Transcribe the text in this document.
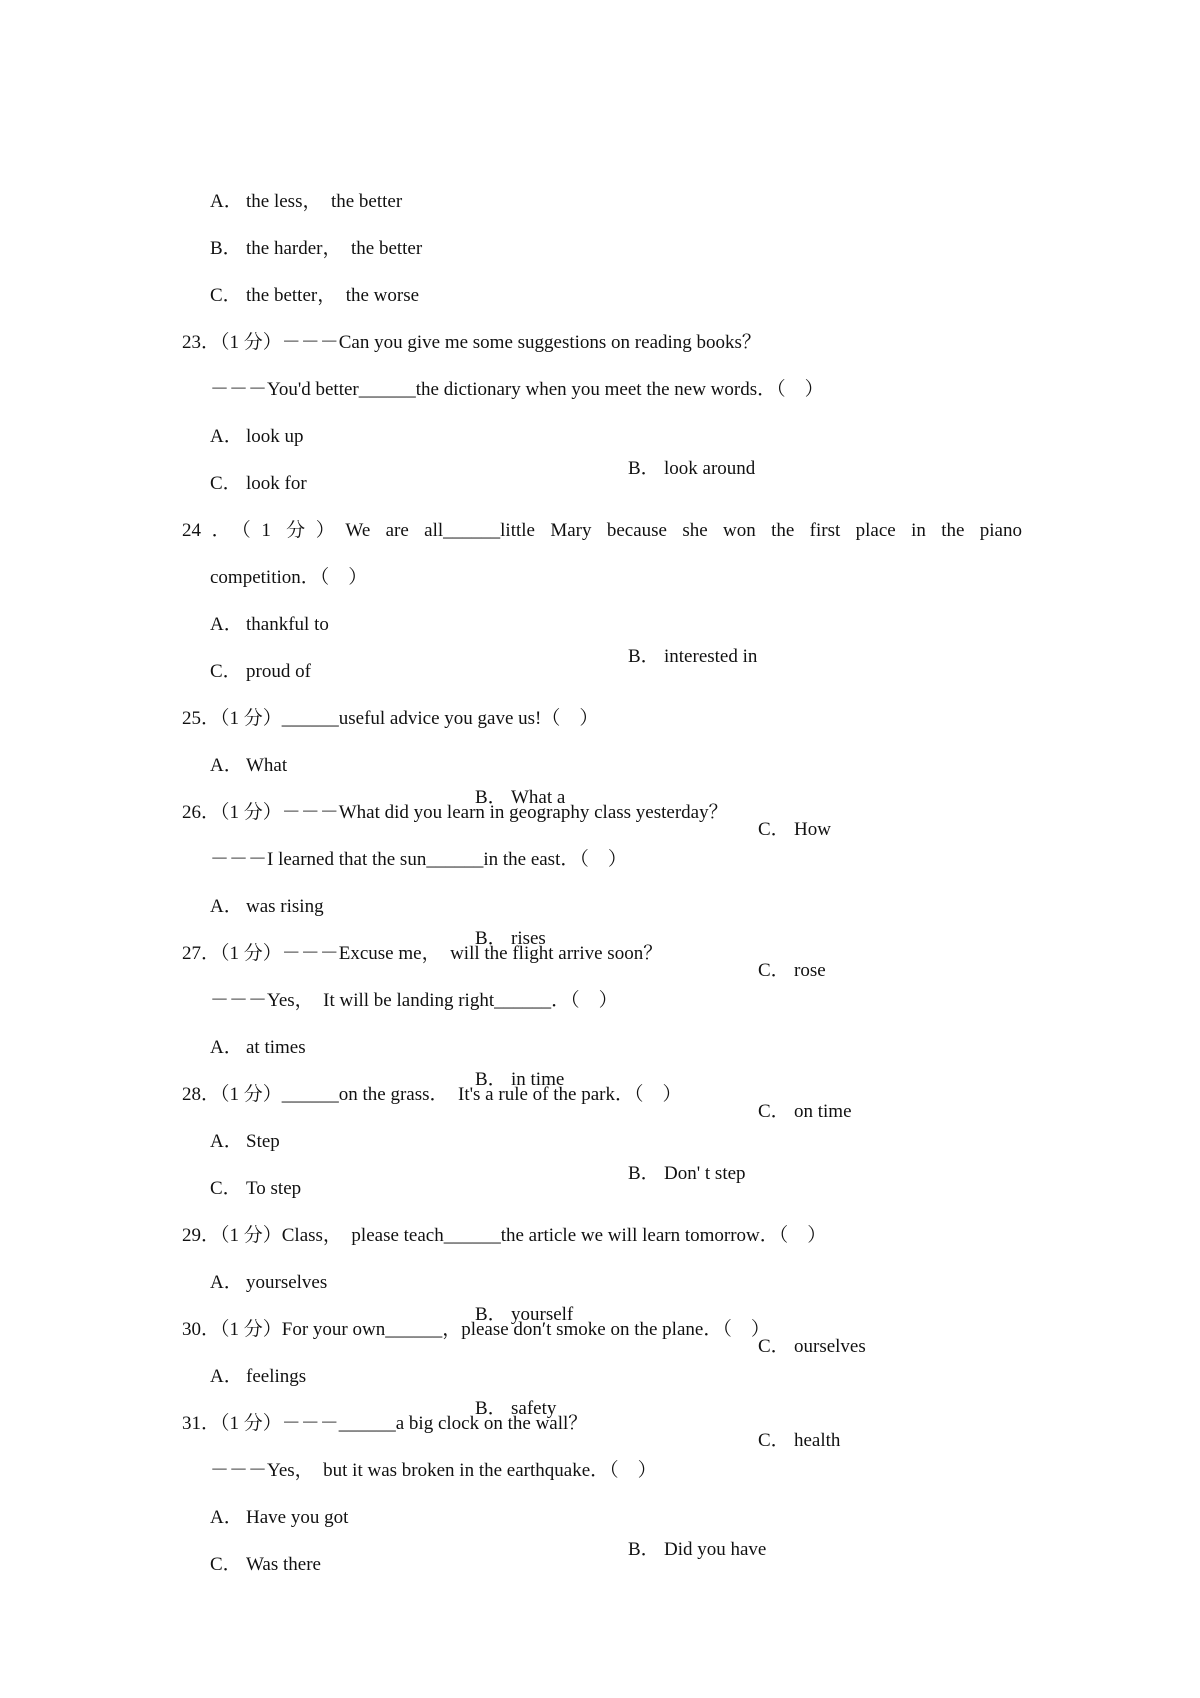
A． the less，  the better

B． the harder，  the better

C． the better，  the worse

23．（1 分）－－－Can you give me some suggestions on reading books？

－－－You'd better______the dictionary when you meet the new words．（    ）

A． look up

B． look around

C． look for

24．（1 分）We are all______little Mary because she won the first place in the piano

competition．（    ）

A． thankful to

B． interested in

C． proud of

25．（1 分）______useful advice you gave us!（    ）

A． What

B． What a

C． How

26．（1 分）－－－What did you learn in geography class yesterday？

－－－I learned that the sun______in the east．（    ）

A． was rising

B． rises

C． rose

27．（1 分）－－－Excuse me，  will the flight arrive soon？

－－－Yes，  It will be landing right______．（    ）

A． at times

B． in time

C． on time

28．（1 分）______on the grass．  It's a rule of the park．（    ）

A． Step

B． Don' t step

C． To step

29．（1 分）Class，  please teach______the article we will learn tomorrow．（    ）

A． yourselves

B． yourself

C． ourselves

30．（1 分）For your own______，please don′t smoke on the plane．（    ）

A． feelings

B． safety

C． health

31．（1 分）－－－______a big clock on the wall？

－－－Yes，  but it was broken in the earthquake．（    ）

A． Have you got

B． Did you have

C． Was there
